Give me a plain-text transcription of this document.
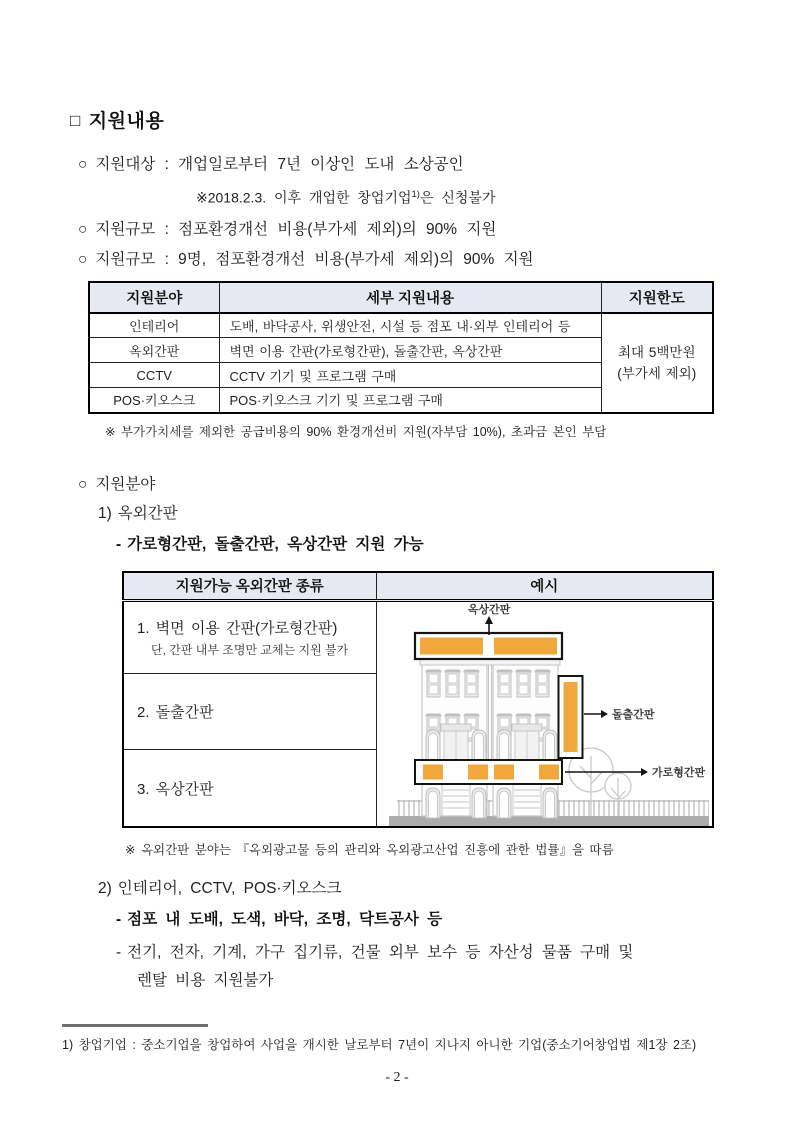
□ 지원내용
○ 지원대상 : 개업일로부터 7년 이상인 도내 소상공인
※2018.2.3. 이후 개업한 창업기업$^{1)}$은 신청불가
○ 지원규모 : 점포환경개선 비용(부가세 제외)의 90% 지원
○ 지원규모 : 9명, 점포환경개선 비용(부가세 제외)의 90% 지원
지원분야	세부 지원내용	지원한도
인테리어	도배, 바닥공사, 위생안전, 시설 등 점포 내·외부 인테리어 등	최대 5백만원
(부가세 제외)

옥외간판	벽면 이용 간판(가로형간판), 돌출간판, 옥상간판	
CCTV	CCTV 기기 및 프로그램 구매	
POS·키오스크	POS·키오스크 기기 및 프로그램 구매	
※ 부가가치세를 제외한 공급비용의 90% 환경개선비 지원(자부담 10%), 초과금 본인 부담
○ 지원분야
1) 옥외간판
- 가로형간판, 돌출간판, 옥상간판 지원 가능
지원가능 옥외간판 종류	예시

1. 벽면 이용 간판(가로형간판)
단, 간판 내부 조명만 교체는 지원 불가

옥상간판
돌출간판
가로형간판

2. 돌출간판	

3. 옥상간판	
※ 옥외간판 분야는 『옥외광고물 등의 관리와 옥외광고산업 진흥에 관한 법률』을 따름
2) 인테리어, CCTV, POS·키오스크
- 점포 내 도배, 도색, 바닥, 조명, 닥트공사 등
- 전기, 전자, 기계, 가구 집기류, 건물 외부 보수 등 자산성 물품 구매 및
렌탈 비용 지원불가
1) 창업기업 : 중소기업을 창업하여 사업을 개시한 날로부터 7년이 지나지 아니한 기업(중소기어창업법 제1장 2조)
- 2 -
